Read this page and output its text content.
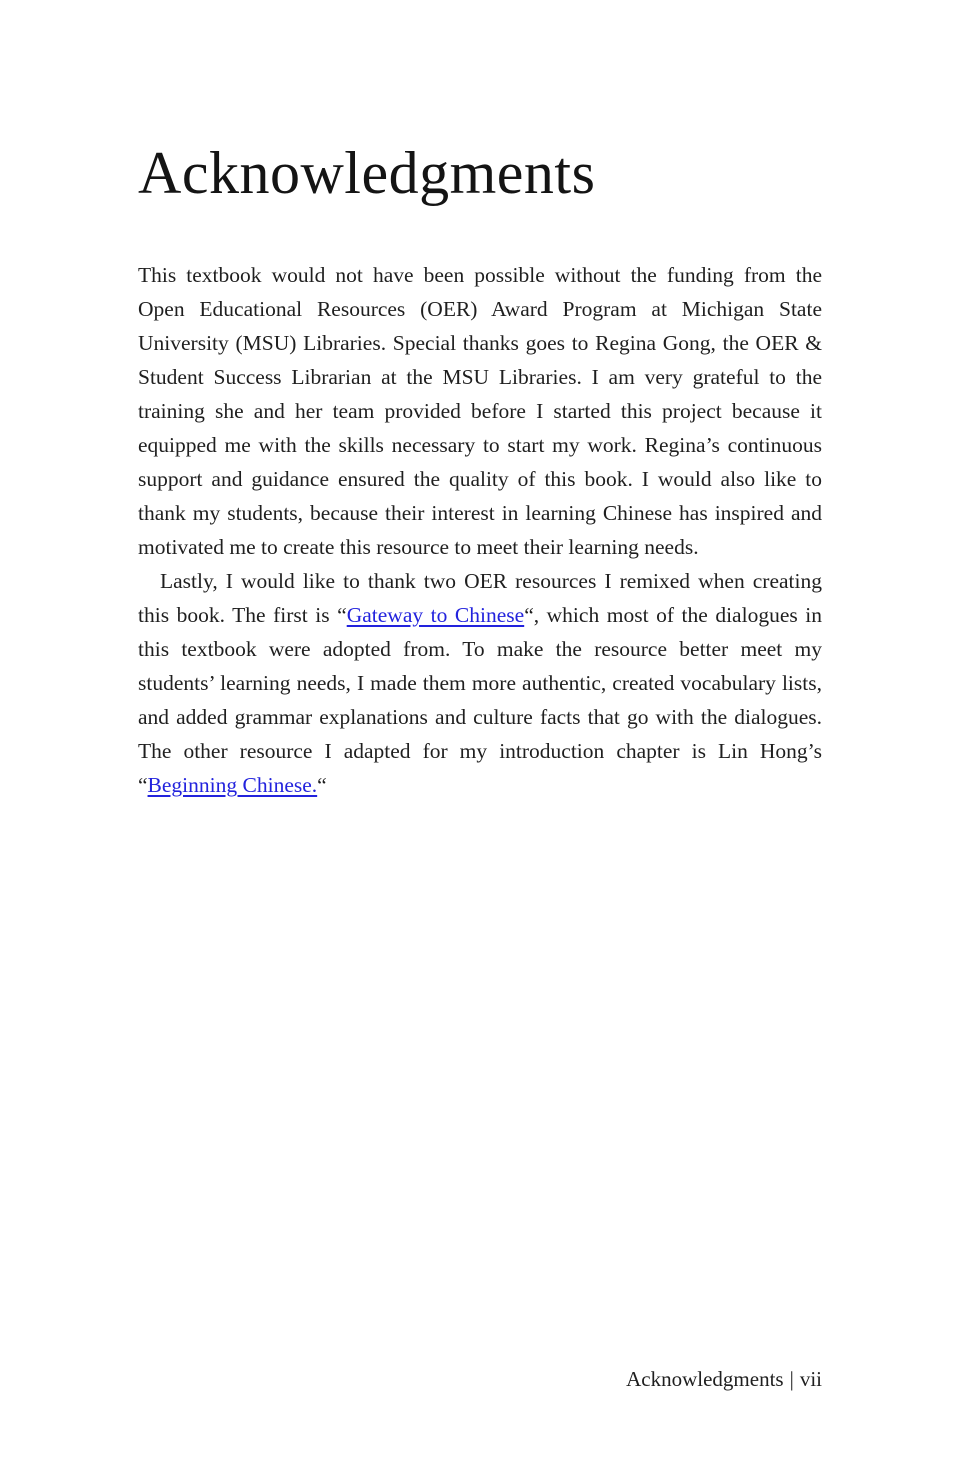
Acknowledgments

This textbook would not have been possible without the funding from the Open Educational Resources (OER) Award Program at Michigan State University (MSU) Libraries. Special thanks goes to Regina Gong, the OER & Student Success Librarian at the MSU Libraries. I am very grateful to the training she and her team provided before I started this project because it equipped me with the skills necessary to start my work. Regina’s continuous support and guidance ensured the quality of this book. I would also like to thank my students, because their interest in learning Chinese has inspired and motivated me to create this resource to meet their learning needs.

Lastly, I would like to thank two OER resources I remixed when creating this book. The first is “Gateway to Chinese“, which most of the dialogues in this textbook were adopted from. To make the resource better meet my students’ learning needs, I made them more authentic, created vocabulary lists, and added grammar explanations and culture facts that go with the dialogues. The other resource I adapted for my introduction chapter is Lin Hong’s “Beginning Chinese.“

Acknowledgments | vii
